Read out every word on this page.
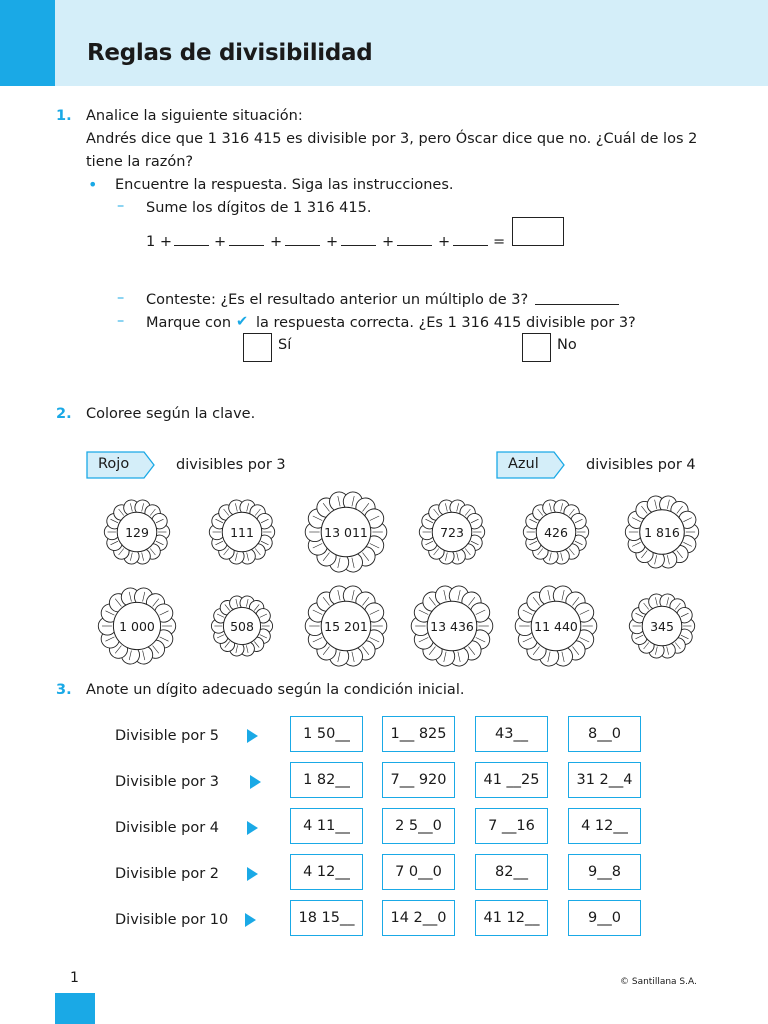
Reglas de divisibilidad
1. Analice la siguiente situación:
Andrés dice que 1 316 415 es divisible por 3, pero Óscar dice que no. ¿Cuál de los 2
tiene la razón?
• Encuentre la respuesta. Siga las instrucciones.
– Sume los dígitos de 1 316 415.
1 +	+	+	+	+	+	=
– Conteste: ¿Es el resultado anterior un múltiplo de 3?
– Marque con ✔ la respuesta correcta. ¿Es 1 316 415 divisible por 3?
Sí	No
2. Coloree según la clave.
Rojo	divisibles por 3	Azul	divisibles por 4
129	111	13 011	723	426	1 816
1 000	508	15 201	13 436	11 440	345
3. Anote un dígito adecuado según la condición inicial.
Divisible por 5	1 50__	1__ 825	43__	8__0
Divisible por 3	1 82__	7__ 920	41 __25	31 2__4
Divisible por 4	4 11__	2 5__0	7 __16	4 12__
Divisible por 2	4 12__	7 0__0	82__	9__8
Divisible por 10	18 15__	14 2__0	41 12__	9__0
1	© Santillana S.A.
